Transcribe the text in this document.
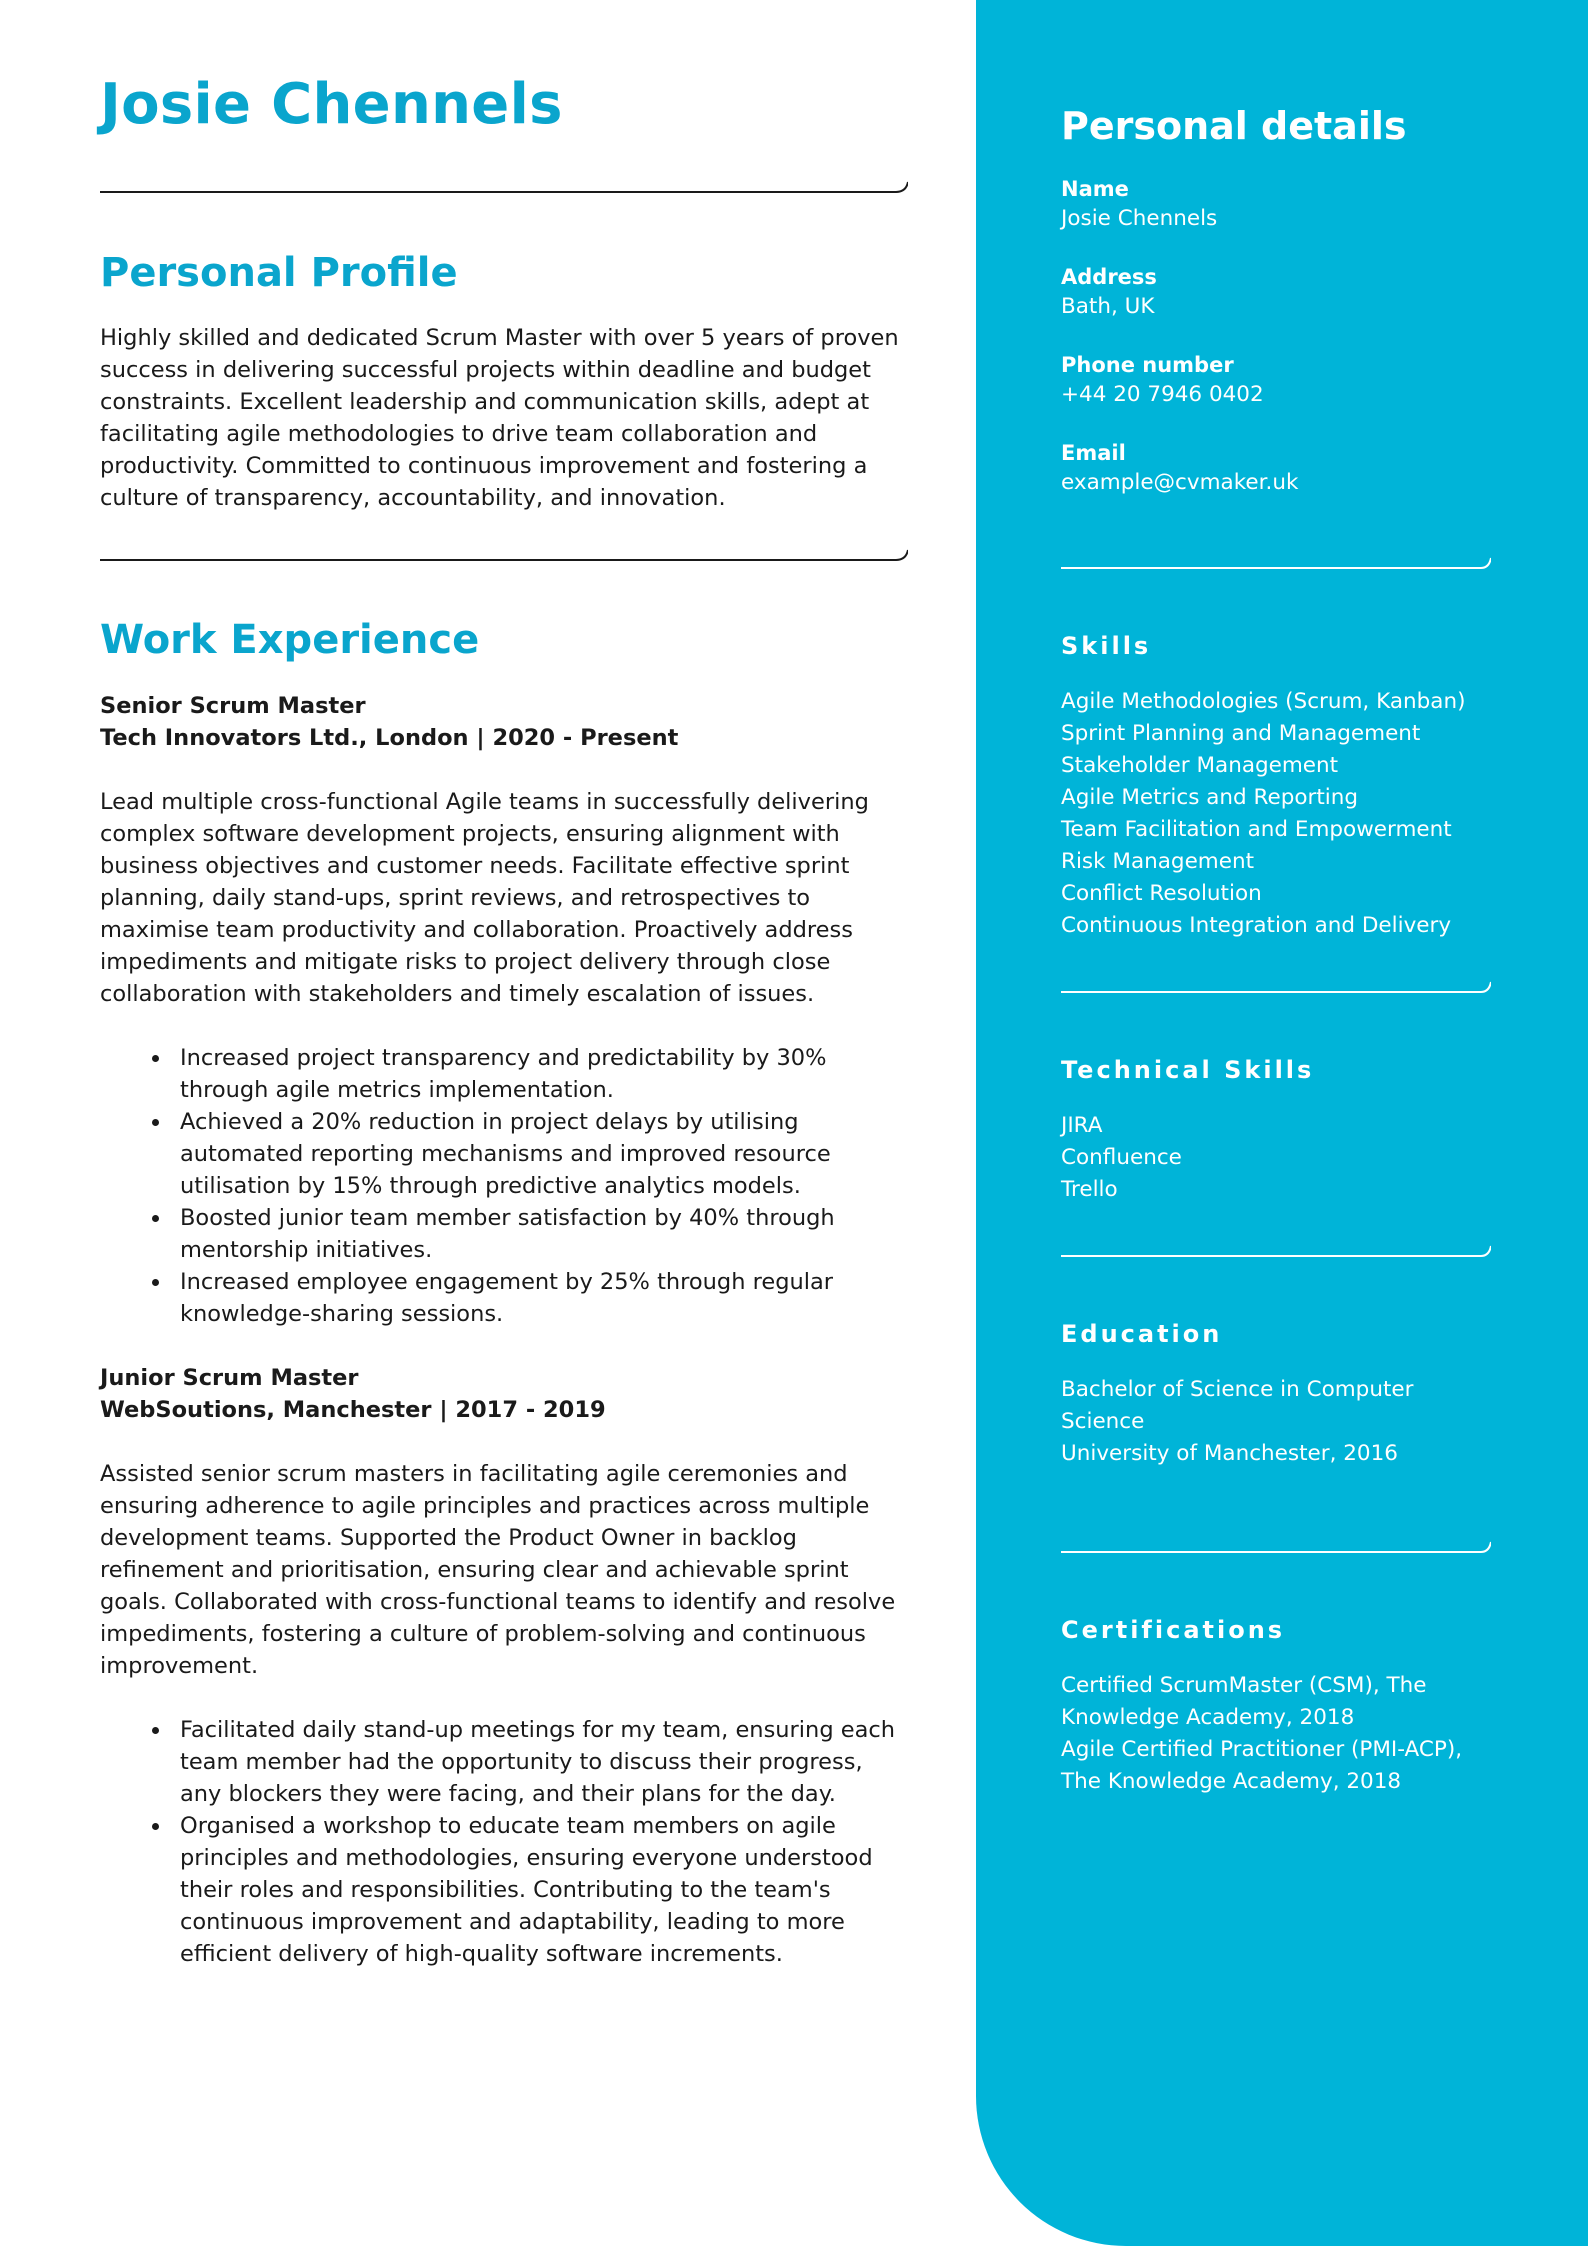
Josie Chennels
Personal Profile

Highly skilled and dedicated Scrum Master with over 5 years of proven success in delivering successful projects within deadline and budget constraints. Excellent leadership and communication skills, adept at facilitating agile methodologies to drive team collaboration and productivity. Committed to continuous improvement and fostering a culture of transparency, accountability, and innovation.

Work Experience
Senior Scrum Master
Tech Innovators Ltd., London | 2020 - Present

Lead multiple cross-functional Agile teams in successfully delivering complex software development projects, ensuring alignment with business objectives and customer needs. Facilitate effective sprint planning, daily stand-ups, sprint reviews, and retrospectives to maximise team productivity and collaboration. Proactively address impediments and mitigate risks to project delivery through close collaboration with stakeholders and timely escalation of issues.

Increased project transparency and predictability by 30% through agile metrics implementation.
Achieved a 20% reduction in project delays by utilising automated reporting mechanisms and improved resource utilisation by 15% through predictive analytics models.
Boosted junior team member satisfaction by 40% through mentorship initiatives.
Increased employee engagement by 25% through regular knowledge-sharing sessions.
Junior Scrum Master
WebSoutions, Manchester | 2017 - 2019

Assisted senior scrum masters in facilitating agile ceremonies and ensuring adherence to agile principles and practices across multiple development teams. Supported the Product Owner in backlog refinement and prioritisation, ensuring clear and achievable sprint goals. Collaborated with cross-functional teams to identify and resolve impediments, fostering a culture of problem-solving and continuous improvement.

Facilitated daily stand-up meetings for my team, ensuring each team member had the opportunity to discuss their progress, any blockers they were facing, and their plans for the day.
Organised a workshop to educate team members on agile principles and methodologies, ensuring everyone understood their roles and responsibilities. Contributing to the team's continuous improvement and adaptability, leading to more efficient delivery of high-quality software increments.
Personal details
Name
Josie Chennels
Address
Bath, UK
Phone number
+44 20 7946 0402
Email
example@cvmaker.uk
Skills
Agile Methodologies (Scrum, Kanban)
Sprint Planning and Management
Stakeholder Management
Agile Metrics and Reporting
Team Facilitation and Empowerment
Risk Management
Conflict Resolution
Continuous Integration and Delivery
Technical Skills
JIRA
Confluence
Trello
Education
Bachelor of Science in Computer Science
University of Manchester, 2016
Certifications
Certified ScrumMaster (CSM), The Knowledge Academy, 2018
Agile Certified Practitioner (PMI-ACP), The Knowledge Academy, 2018
